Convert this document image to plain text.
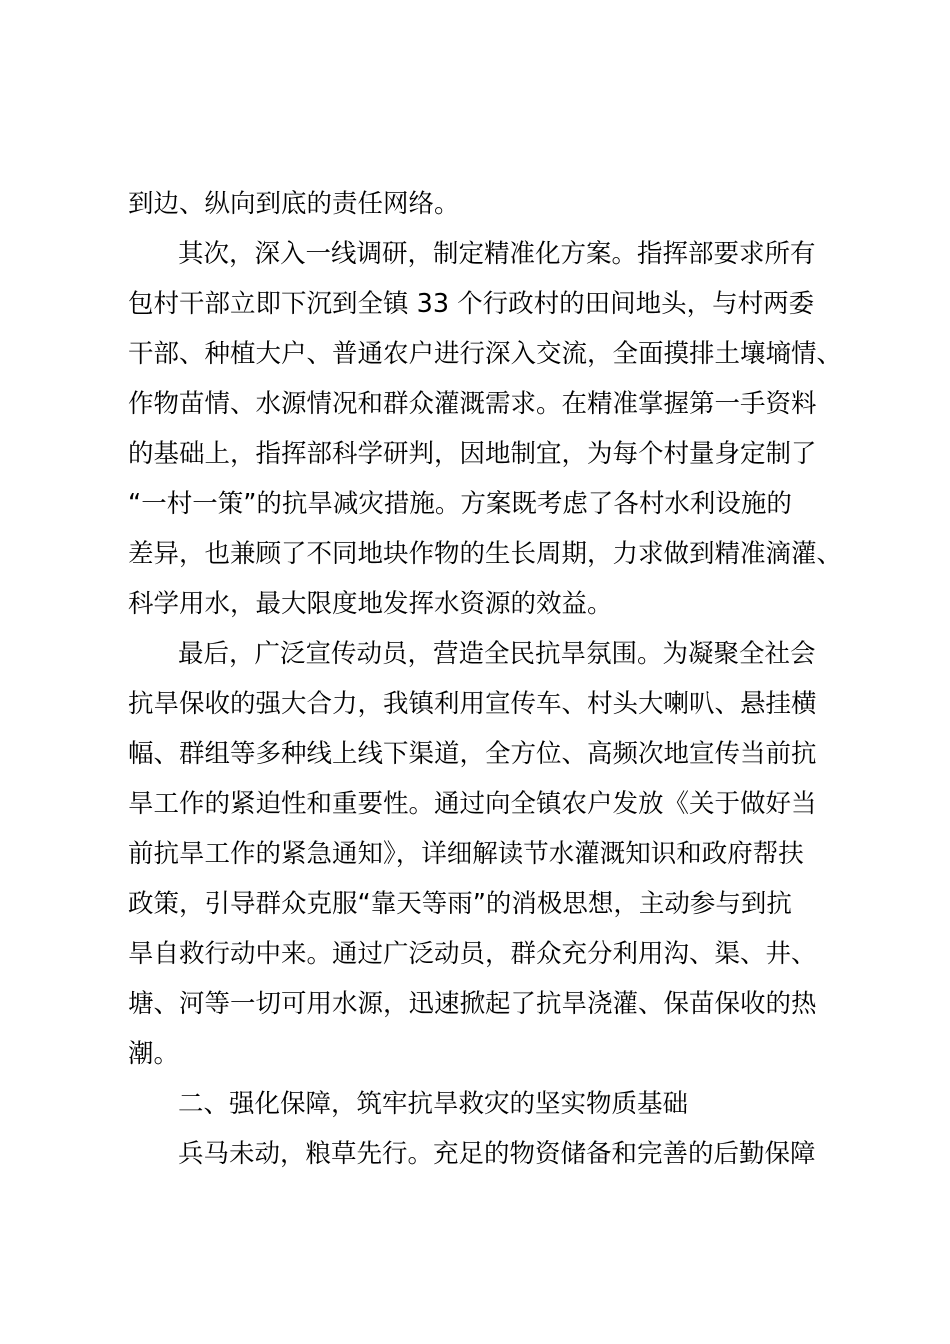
到边、纵向到底的责任网络。
其次，深入一线调研，制定精准化方案。指挥部要求所有
包村干部立即下沉到全镇 33 个行政村的田间地头，与村两委
干部、种植大户、普通农户进行深入交流，全面摸排土壤墒情、
作物苗情、水源情况和群众灌溉需求。在精准掌握第一手资料
的基础上，指挥部科学研判，因地制宜，为每个村量身定制了
“一村一策”的抗旱减灾措施。方案既考虑了各村水利设施的
差异，也兼顾了不同地块作物的生长周期，力求做到精准滴灌、
科学用水，最大限度地发挥水资源的效益。
最后，广泛宣传动员，营造全民抗旱氛围。为凝聚全社会
抗旱保收的强大合力，我镇利用宣传车、村头大喇叭、悬挂横
幅、群组等多种线上线下渠道，全方位、高频次地宣传当前抗
旱工作的紧迫性和重要性。通过向全镇农户发放《关于做好当
前抗旱工作的紧急通知》，详细解读节水灌溉知识和政府帮扶
政策，引导群众克服“靠天等雨”的消极思想，主动参与到抗
旱自救行动中来。通过广泛动员，群众充分利用沟、渠、井、
塘、河等一切可用水源，迅速掀起了抗旱浇灌、保苗保收的热
潮。
二、强化保障，筑牢抗旱救灾的坚实物质基础
兵马未动，粮草先行。充足的物资储备和完善的后勤保障
